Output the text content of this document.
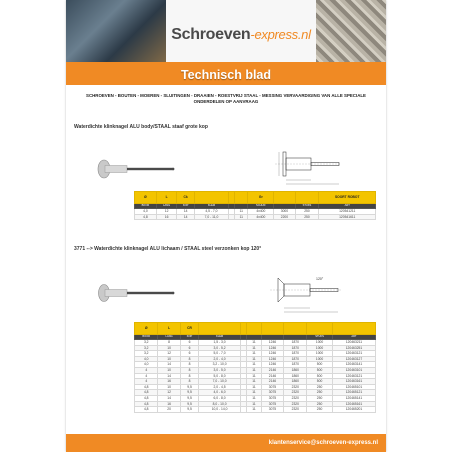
Schroeven-express.nl
Technisch blad
SCHROEVEN - BOUTEN - MOEREN - SLUITINGEN - DRAAIEN - ROESTVRIJ STAAL - MESSING VERVAARDIGING VAN ALLE SPECIALE ONDERDELEN OP AANVRAAG
Waterdichte klinknagel ALU body/STAAL staaf grote kop
Ø	L	Ck				Gr			SOORT ROBOT
BOOR	LANG	KOP	KLEM			SCHUIF		STUKS	ART
4,0	12	14	4,5 - 7,0		11	4x400	3000	250	120541211
4,8	16	14	7,0 - 11,0		11	4x400	2200	250	120541611
3771 --> Waterdichte klinknagel ALU lichaam / STAAL steel verzonken kop 120°
120°
Ø	L	CR							
BOOR	LANG	KOP	KLEM					STUKS	ART
3,2	8	6	1,5 - 3,0		11	1246	1870	1000	120463211
3,2	10	6	3,0 - 5,2		11	1246	1870	1000	120463251
3,2	12	6	5,0 - 7,0		11	1246	1870	1000	120463121
4,0	10	8	2,0 - 4,0		11	1246	1870	1000	120463127
4,0	14	8	3,2 - 10,0		11	1246	1870	500	120463141
4	10	8	3,0 - 5,0		11	2146	1860	500	120463101
4	14	8	5,0 - 8,0		11	2146	1860	500	120463121
4	16	8	7,0 - 10,0		11	2146	1860	500	120463161
4,8	10	9,5	2,0 - 4,5		11	3075	2320	250	120465101
4,8	12	9,5	4,0 - 6,0		11	3075	2320	250	120465121
4,8	14	9,5	6,0 - 8,0		11	3075	2320	250	120465141
4,8	16	9,5	8,0 - 10,0		11	3075	2320	250	120465161
4,8	20	9,5	10,0 - 14,0		11	3075	2320	250	120465201
klantenservice@schroeven-express.nl
